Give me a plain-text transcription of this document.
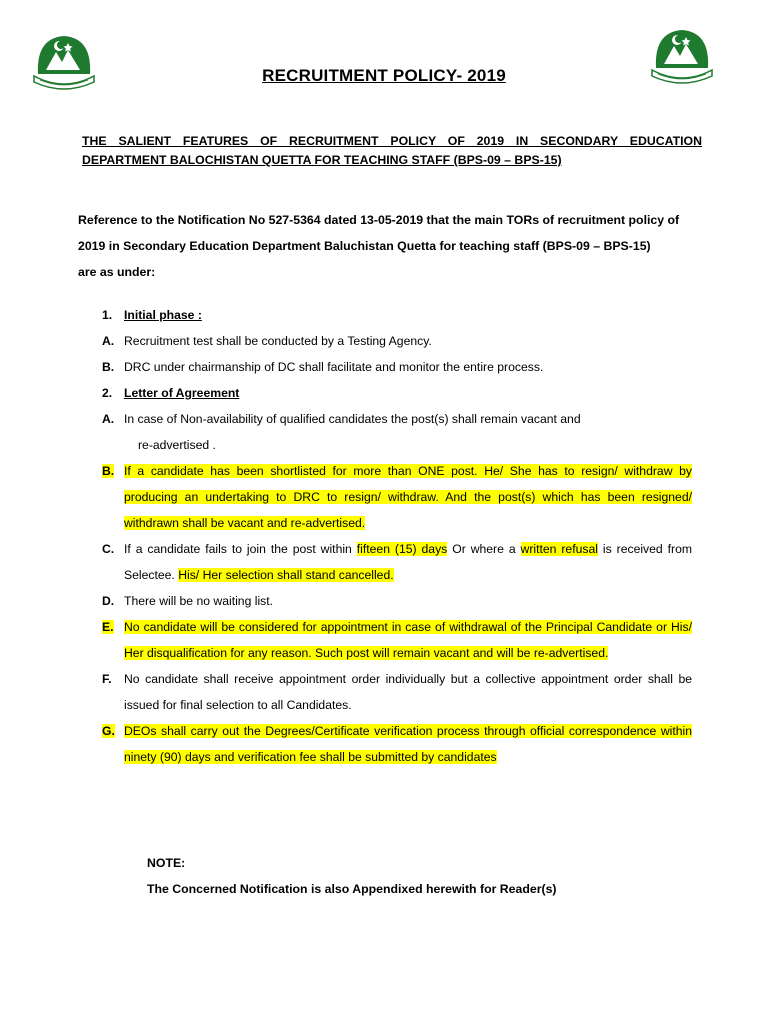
RECRUITMENT POLICY- 2019
THE SALIENT FEATURES OF RECRUITMENT POLICY OF 2019 IN SECONDARY EDUCATION DEPARTMENT BALOCHISTAN QUETTA FOR TEACHING STAFF (BPS-09 – BPS-15)
Reference to the Notification No 527-5364 dated 13-05-2019 that the main TORs of recruitment policy of
2019 in Secondary Education Department Baluchistan Quetta for teaching staff (BPS-09 – BPS-15)
are as under:
1. Initial phase :
A. Recruitment test shall be conducted by a Testing Agency.
B. DRC under chairmanship of DC shall facilitate and monitor the entire process.
2. Letter of Agreement
A. In case of Non-availability of qualified candidates the post(s) shall remain vacant and
re-advertised .
B. If a candidate has been shortlisted for more than ONE post. He/ She has to resign/ withdraw by producing an undertaking to DRC to resign/ withdraw. And the post(s) which has been resigned/ withdrawn shall be vacant and re-advertised.
C. If a candidate fails to join the post within fifteen (15) days Or where a written refusal is received from Selectee. His/ Her selection shall stand cancelled.
D. There will be no waiting list.
E. No candidate will be considered for appointment in case of withdrawal of the Principal Candidate or His/ Her disqualification for any reason. Such post will remain vacant and will be re-advertised.
F.	No candidate shall receive appointment order individually but a collective appointment order shall be issued for final selection to all Candidates.
G. DEOs shall carry out the Degrees/Certificate verification process through official correspondence within ninety (90) days and verification fee shall be submitted by candidates
NOTE:
The Concerned Notification is also Appendixed herewith for Reader(s)
